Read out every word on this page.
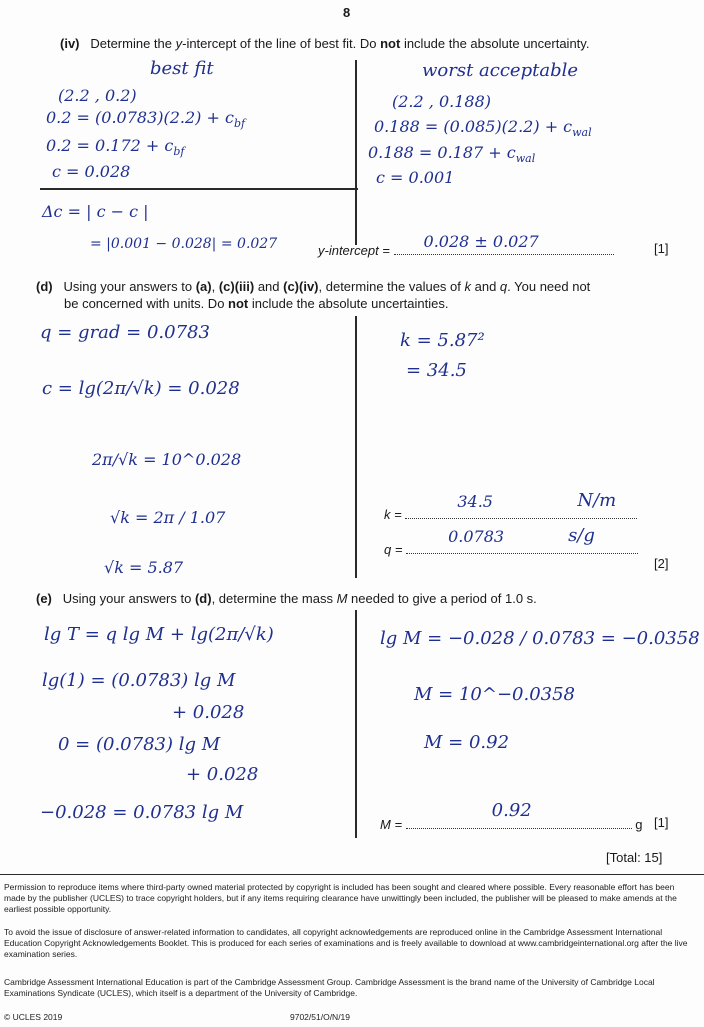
8
(iv) Determine the y-intercept of the line of best fit. Do not include the absolute uncertainty.
best fit
(2.2 , 0.2)
$0.2 = (0.0783)(2.2) + c_{bf}$
$0.2 = 0.172 + c_{bf}$
c = 0.028
worst acceptable
(2.2 , 0.188)
$0.188 = (0.085)(2.2) + c_{wal}$
$0.188 = 0.187 + c_{wal}$
c = 0.001
Δc = | c − c |
= |0.001 − 0.028| = 0.027	y-intercept = 0.028 ± 0.027	[1]
(d) Using your answers to (a), (c)(iii) and (c)(iv), determine the values of k and q. You need not
be concerned with units. Do not include the absolute uncertainties.
q = grad = 0.0783
c = lg(2π/√k) = 0.028
2π/√k = 10^0.028
√k = 2π / 1.07
√k = 5.87
k = 5.87²
= 34.5
k =
34.5	N/m
q =
0.0783	s/g
[2]
(e) Using your answers to (d), determine the mass M needed to give a period of 1.0 s.
lg T = q lg M + lg(2π/√k)
lg(1) = (0.0783) lg M
+ 0.028
0 = (0.0783) lg M
+ 0.028
−0.028 = 0.0783 lg M
lg M = −0.028 / 0.0783 = −0.0358
M = 10^−0.0358
M = 0.92
M =
0.92
g [1]
[Total: 15]
Permission to reproduce items where third-party owned material protected by copyright is included has been sought and cleared where possible. Every reasonable effort has been made by the publisher (UCLES) to trace copyright holders, but if any items requiring clearance have unwittingly been included, the publisher will be pleased to make amends at the earliest possible opportunity.
To avoid the issue of disclosure of answer-related information to candidates, all copyright acknowledgements are reproduced online in the Cambridge Assessment International Education Copyright Acknowledgements Booklet. This is produced for each series of examinations and is freely available to download at www.cambridgeinternational.org after the live examination series.
Cambridge Assessment International Education is part of the Cambridge Assessment Group. Cambridge Assessment is the brand name of the University of Cambridge Local Examinations Syndicate (UCLES), which itself is a department of the University of Cambridge.
© UCLES 2019	9702/51/O/N/19
